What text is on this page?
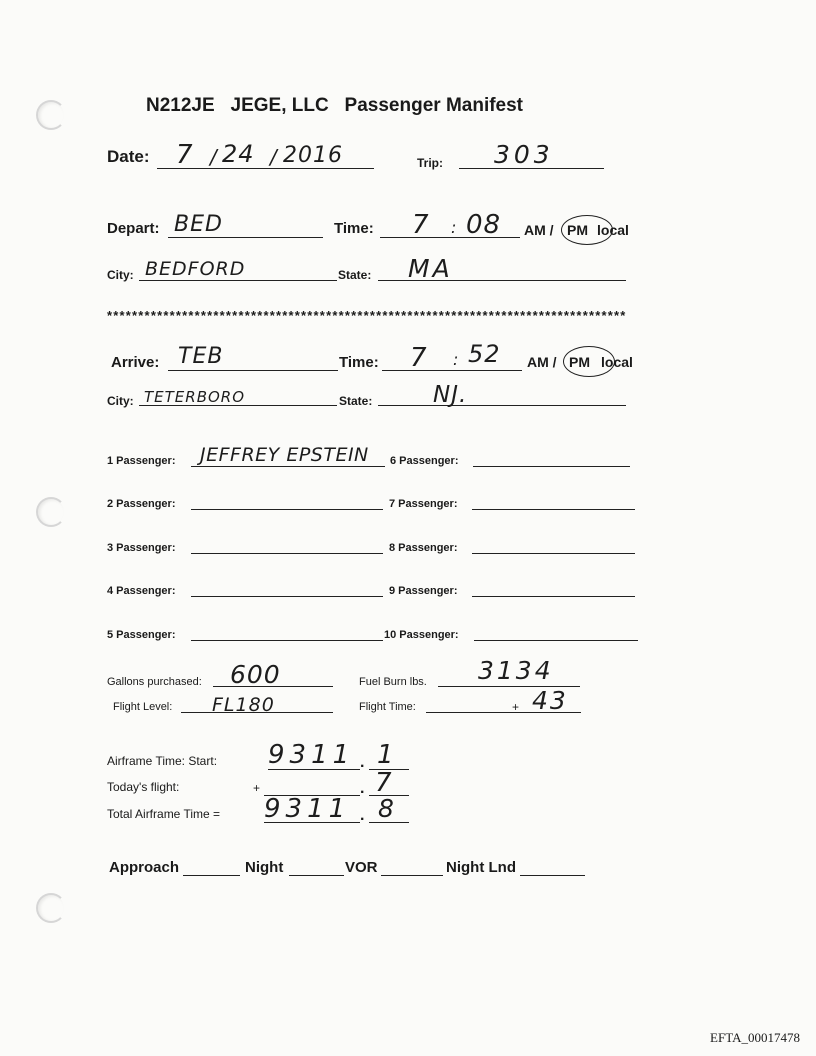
N212JE JEGE, LLC Passenger Manifest
Date: 7 / 24 / 2016	Trip: 303
Depart: BED	Time: 7 : 08 AM / PM local
City: BEDFORD	State: MA
***********************************************************************************
Arrive: TEB	Time: 7 : 52 AM / PM local
City: TETERBORO	State:	NJ.
1 Passenger: JEFFREY EPSTEIN 6 Passenger:
2 Passenger:	7 Passenger:
3 Passenger:	8 Passenger:
4 Passenger:	9 Passenger:
5 Passenger:	10 Passenger:
Gallons purchased: 600	Fuel Burn lbs. 3134
Flight Level: FL180	Flight Time:	+ 43
Airframe Time: Start: 9311 . 1
Today's flight:	+	. 7
Total Airframe Time = 9311 . 8
Approach	Night	VOR	Night Lnd
EFTA_00017478
